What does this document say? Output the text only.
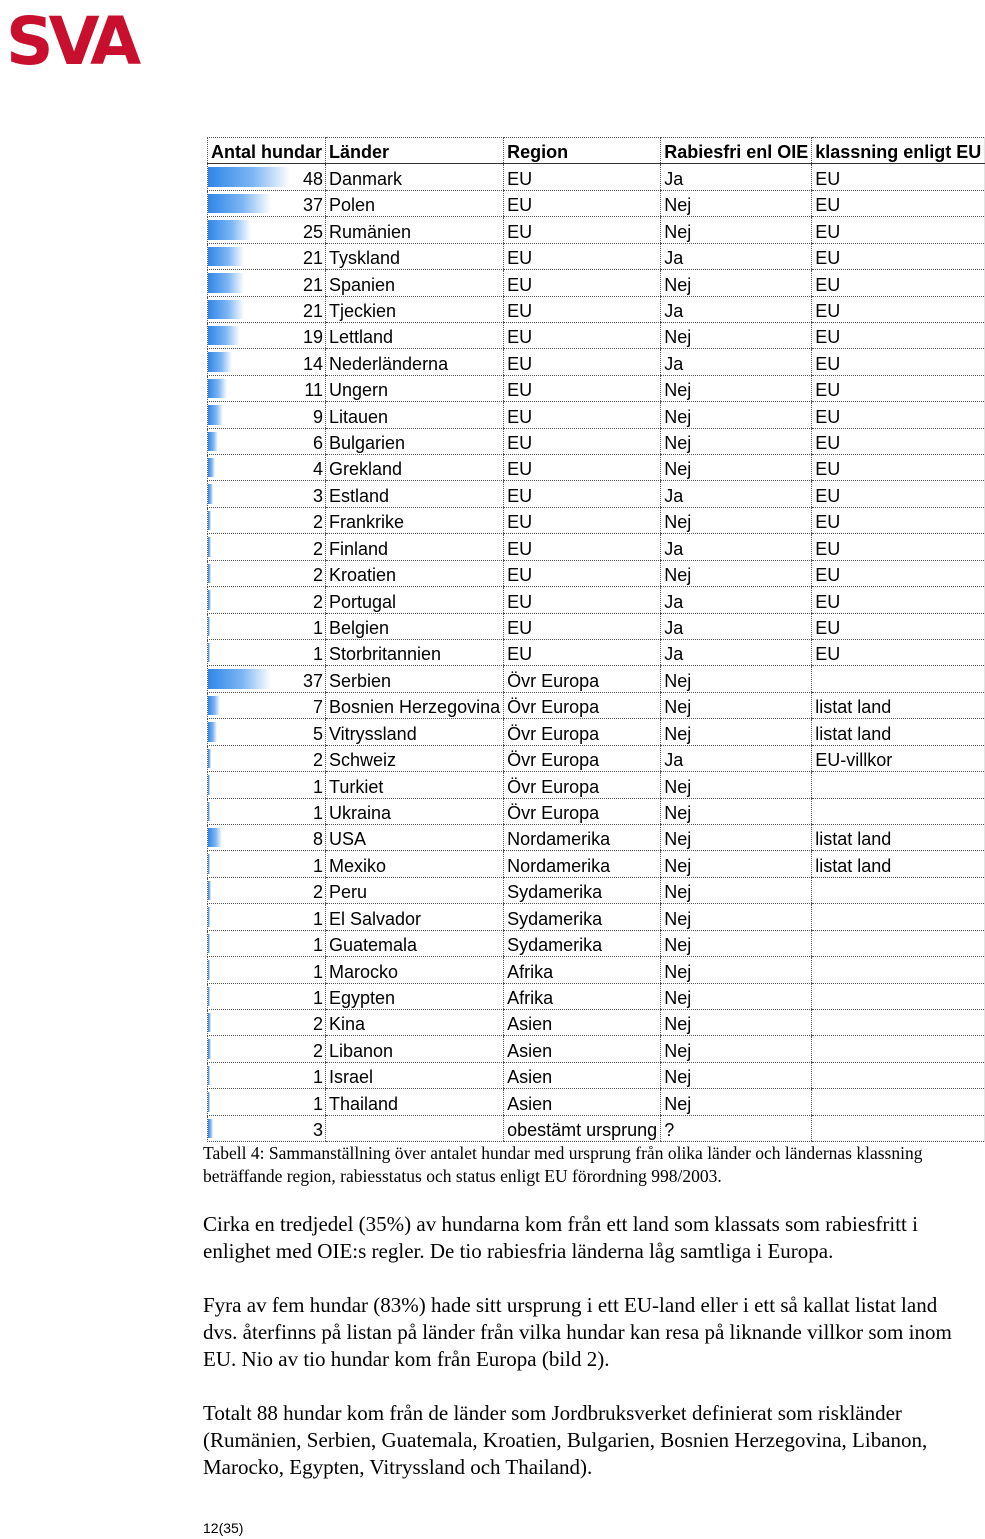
SVA
Antal hundar	Länder	Region	Rabiesfri enl OIE	klassning enligt EU

48	Danmark	EU	Ja	EU

37	Polen	EU	Nej	EU

25	Rumänien	EU	Nej	EU

21	Tyskland	EU	Ja	EU

21	Spanien	EU	Nej	EU

21	Tjeckien	EU	Ja	EU

19	Lettland	EU	Nej	EU

14	Nederländerna	EU	Ja	EU

11	Ungern	EU	Nej	EU

9	Litauen	EU	Nej	EU

6	Bulgarien	EU	Nej	EU

4	Grekland	EU	Nej	EU

3	Estland	EU	Ja	EU

2	Frankrike	EU	Nej	EU

2	Finland	EU	Ja	EU

2	Kroatien	EU	Nej	EU

2	Portugal	EU	Ja	EU

1	Belgien	EU	Ja	EU

1	Storbritannien	EU	Ja	EU

37	Serbien	Övr Europa	Nej	

7	Bosnien Herzegovina	Övr Europa	Nej	listat land

5	Vitryssland	Övr Europa	Nej	listat land

2	Schweiz	Övr Europa	Ja	EU-villkor

1	Turkiet	Övr Europa	Nej	

1	Ukraina	Övr Europa	Nej	

8	USA	Nordamerika	Nej	listat land

1	Mexiko	Nordamerika	Nej	listat land

2	Peru	Sydamerika	Nej	

1	El Salvador	Sydamerika	Nej	

1	Guatemala	Sydamerika	Nej	

1	Marocko	Afrika	Nej	

1	Egypten	Afrika	Nej	

2	Kina	Asien	Nej	

2	Libanon	Asien	Nej	

1	Israel	Asien	Nej	

1	Thailand	Asien	Nej	

3		obestämt ursprung	?	
Tabell 4: Sammanställning över antalet hundar med ursprung från olika länder och ländernas klassning beträffande region, rabiesstatus och status enligt EU förordning 998/2003.

Cirka en tredjedel (35%) av hundarna kom från ett land som klassats som rabiesfritt i enlighet med OIE:s regler. De tio rabiesfria länderna låg samtliga i Europa.

Fyra av fem hundar (83%) hade sitt ursprung i ett EU-land eller i ett så kallat listat land dvs. återfinns på listan på länder från vilka hundar kan resa på liknande villkor som inom EU. Nio av tio hundar kom från Europa (bild 2).

Totalt 88 hundar kom från de länder som Jordbruksverket definierat som riskländer (Rumänien, Serbien, Guatemala, Kroatien, Bulgarien, Bosnien Herzegovina, Libanon, Marocko, Egypten, Vitryssland och Thailand).

12(35)
